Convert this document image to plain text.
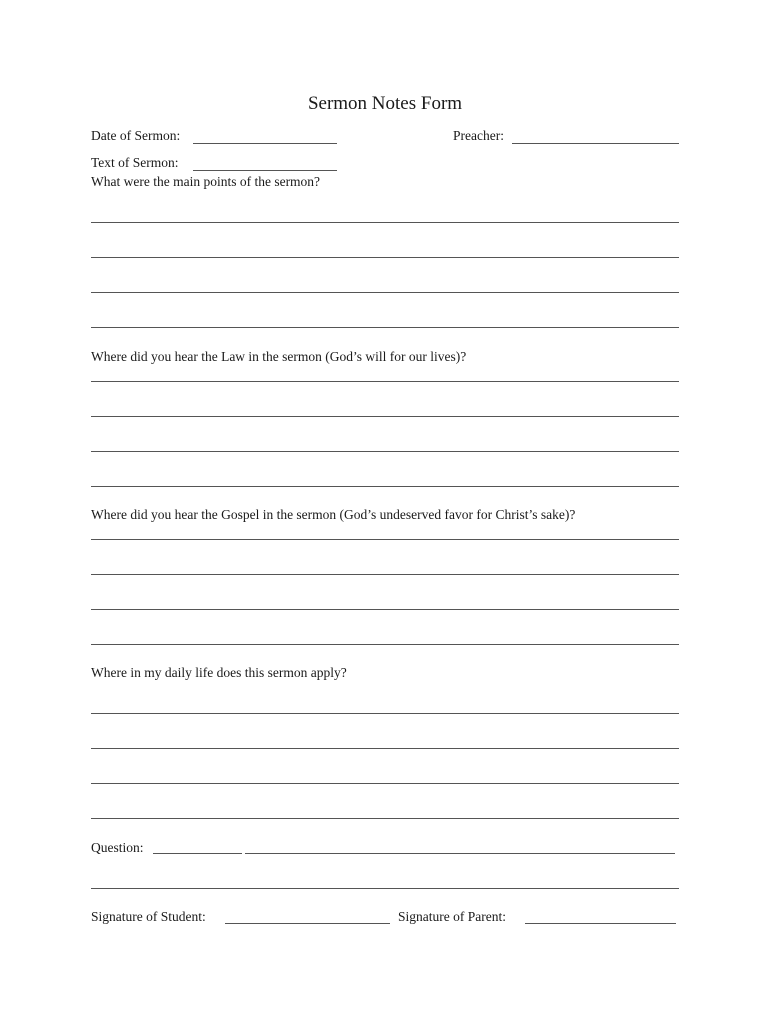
Sermon Notes Form
Date of Sermon:	Preacher:
Text of Sermon:
What were the main points of the sermon?
Where did you hear the Law in the sermon (God’s will for our lives)?
Where did you hear the Gospel in the sermon (God’s undeserved favor for Christ’s sake)?
Where in my daily life does this sermon apply?
Question:
Signature of Student:	Signature of Parent:
